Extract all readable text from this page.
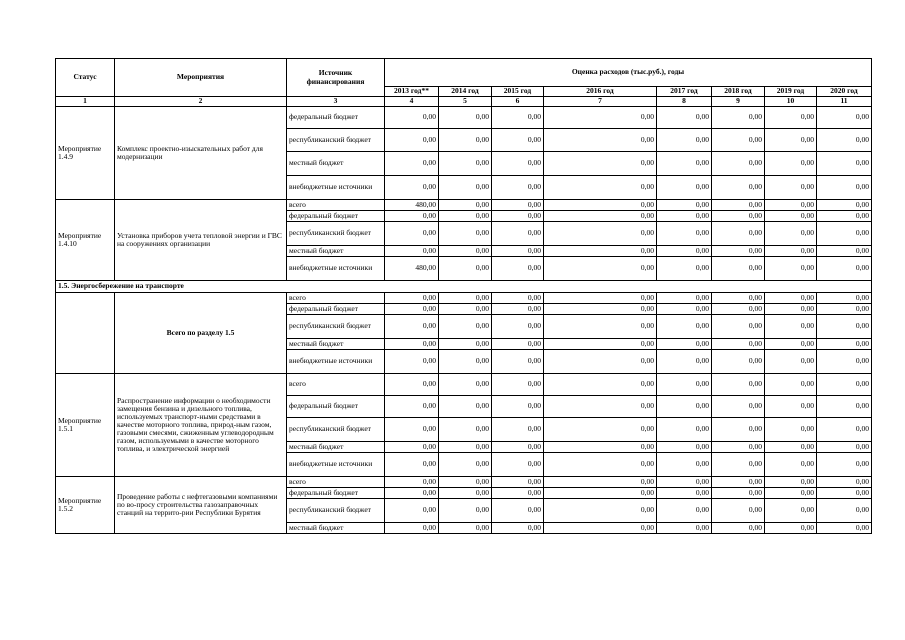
Статус	Мероприятия	Источник финансирования	Оценка расходов (тыс.руб.), годы							
			2013 год**	2014 год	2015 год	2016 год	2017 год	2018 год	2019 год	2020 год
1	2	3	4	5	6	7	8	9	10	11
Мероприятие 1.4.9	Комплекс проектно-изыскательных работ для модернизации	федеральный бюджет	0,00	0,00	0,00	0,00	0,00	0,00	0,00	0,00
		республиканский бюджет	0,00	0,00	0,00	0,00	0,00	0,00	0,00	0,00
		местный бюджет	0,00	0,00	0,00	0,00	0,00	0,00	0,00	0,00
		внебюджетные источники	0,00	0,00	0,00	0,00	0,00	0,00	0,00	0,00
Мероприятие 1.4.10	Установка приборов учета тепловой энергии и ГВС на сооружениях организации	всего	480,00	0,00	0,00	0,00	0,00	0,00	0,00	0,00
		федеральный бюджет	0,00	0,00	0,00	0,00	0,00	0,00	0,00	0,00
		республиканский бюджет	0,00	0,00	0,00	0,00	0,00	0,00	0,00	0,00
		местный бюджет	0,00	0,00	0,00	0,00	0,00	0,00	0,00	0,00
		внебюджетные источники	480,00	0,00	0,00	0,00	0,00	0,00	0,00	0,00
1.5. Энергосбережение на транспорте										
	Всего по разделу 1.5	всего	0,00	0,00	0,00	0,00	0,00	0,00	0,00	0,00
		федеральный бюджет	0,00	0,00	0,00	0,00	0,00	0,00	0,00	0,00
		республиканский бюджет	0,00	0,00	0,00	0,00	0,00	0,00	0,00	0,00
		местный бюджет	0,00	0,00	0,00	0,00	0,00	0,00	0,00	0,00
		внебюджетные источники	0,00	0,00	0,00	0,00	0,00	0,00	0,00	0,00
Мероприятие 1.5.1	Распространение информации о необходимости замещения бензина и дизельного топлива, используемых транспорт-ными средствами в качестве моторного топлива, природ-ным газом, газовыми смесями, сжиженным углеводородным газом, используемыми в качестве моторного топлива, и электрической энергией	всего	0,00	0,00	0,00	0,00	0,00	0,00	0,00	0,00
		федеральный бюджет	0,00	0,00	0,00	0,00	0,00	0,00	0,00	0,00
		республиканский бюджет	0,00	0,00	0,00	0,00	0,00	0,00	0,00	0,00
		местный бюджет	0,00	0,00	0,00	0,00	0,00	0,00	0,00	0,00
		внебюджетные источники	0,00	0,00	0,00	0,00	0,00	0,00	0,00	0,00
Мероприятие 1.5.2	Проведение работы с нефтегазовыми компаниями по во-просу строительства газозаправочных станций на террито-рии Республики Бурятия	всего	0,00	0,00	0,00	0,00	0,00	0,00	0,00	0,00
		федеральный бюджет	0,00	0,00	0,00	0,00	0,00	0,00	0,00	0,00
		республиканский бюджет	0,00	0,00	0,00	0,00	0,00	0,00	0,00	0,00
		местный бюджет	0,00	0,00	0,00	0,00	0,00	0,00	0,00	0,00
